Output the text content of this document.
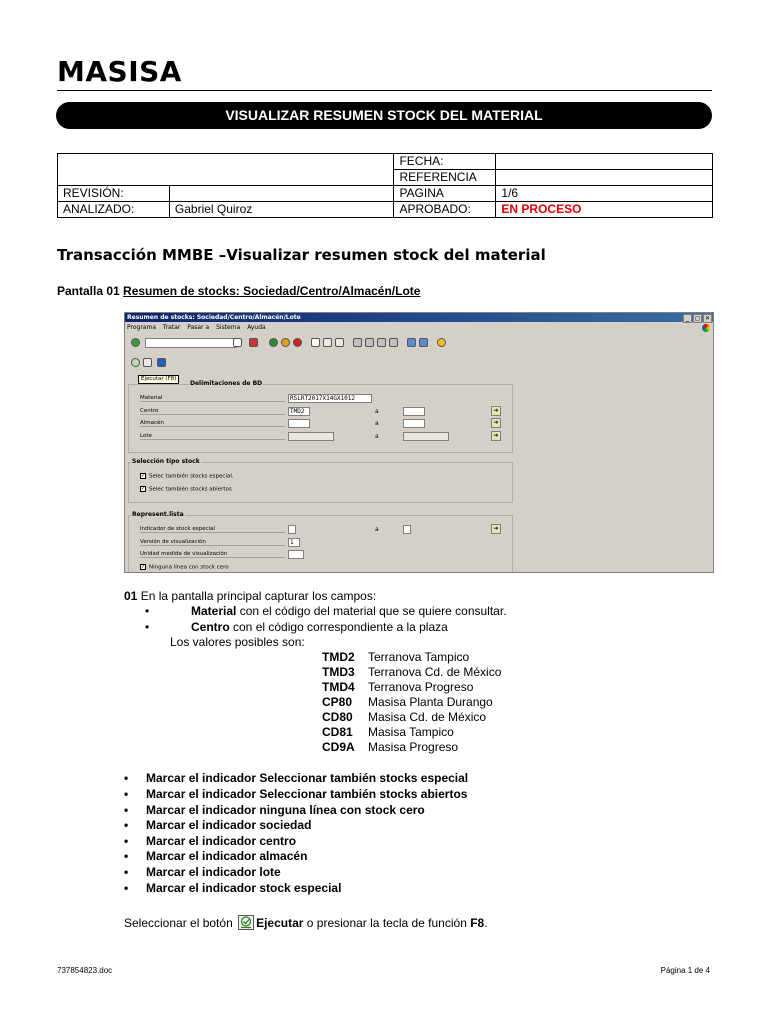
MASISA
VISUALIZAR RESUMEN STOCK DEL MATERIAL
		FECHA:	
		REFERENCIA	
REVISIÓN:		PAGINA	1/6
ANALIZADO:	Gabriel Quiroz	APROBADO:	EN PROCESO
Transacción MMBE –Visualizar resumen stock del material
Pantalla 01 Resumen de stocks: Sociedad/Centro/Almacén/Lote
Resumen de stocks: Sociedad/Centro/Almacén/Lote	_ ▢ ✕
Programa Tratar Pasar a Sistema Ayuda
Ejecutar (F8)
Delimitaciones de BD
Material	RSLRT2017X14GX1012
Centro	TMD2	a	➔
Almacén	a	➔
Lote	a	➔
Selección tipo stock
✓ Selec también stocks especial.
✓ Selec también stocks abiertos
Represent.lista
Indicador de stock especial	a	➔
Versión de visualización	1
Unidad medida de visualización
✓ Ninguna línea con stock cero
01 En la pantalla principal capturar los campos:
•	Material con el código del material que se quiere consultar.
•	Centro con el código correspondiente a la plaza
Los valores posibles son:
TMD2 Terranova Tampico
TMD3 Terranova Cd. de México
TMD4 Terranova Progreso
CP80 Masisa Planta Durango
CD80 Masisa Cd. de México
CD81 Masisa Tampico
CD9A Masisa Progreso
• Marcar el indicador Seleccionar también stocks especial
• Marcar el indicador Seleccionar también stocks abiertos
• Marcar el indicador ninguna línea con stock cero
• Marcar el indicador sociedad
• Marcar el indicador centro
• Marcar el indicador almacén
• Marcar el indicador lote
• Marcar el indicador stock especial
Seleccionar el botón Ejecutar o presionar la tecla de función F8.
737854823.doc	Página 1 de 4
